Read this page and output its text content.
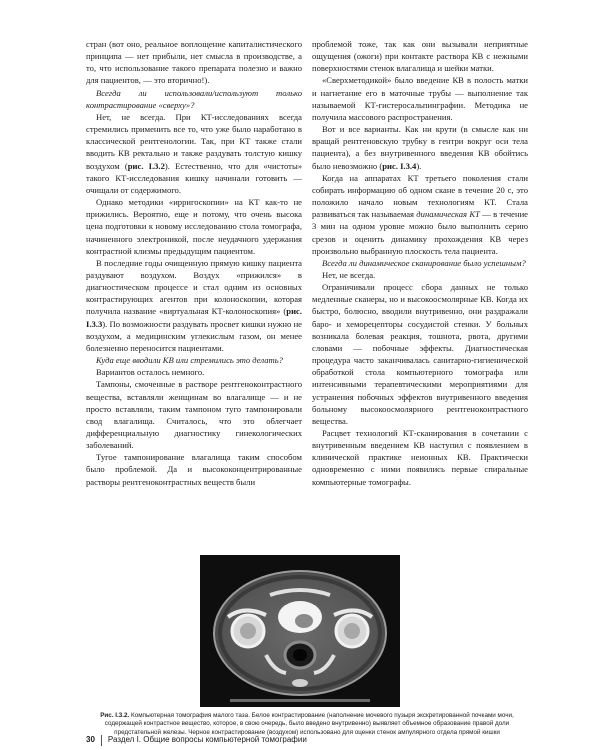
стран (вот оно, реальное воплощение капиталистического принципа — нет прибыли, нет смысла в производстве, а то, что использование такого препарата полезно и важно для пациентов, — это вторично!).

Всегда ли использовали/используют только контрастирование «сверху»?

Нет, не всегда. При КТ-исследованиях всегда стремились применить все то, что уже было наработано в классической рентгенологии. Так, при КТ также стали вводить КВ ректально и также раздувать толстую кишку воздухом (рис. I.3.2). Естественно, что для «чистоты» такого КТ-исследования кишку начинали готовить — очищали от содержимого.

Однако методики «ирригоскопии» на КТ как-то не прижились. Вероятно, еще и потому, что очень высока цена подготовки к новому исследованию стола томографа, начиненного электроникой, после неудачного удержания контрастной клизмы предыдущим пациентом.

В последние годы очищенную прямую кишку пациента раздувают воздухом. Воздух «прижился» в диагностическом процессе и стал одним из основных контрастирующих агентов при колоноскопии, которая получила название «виртуальная КТ-колоноскопия» (рис. I.3.3). По возможности раздувать просвет кишки нужно не воздухом, а медицинским углекислым газом, он менее болезненно переносится пациентами.

Куда еще вводили КВ или стремились это делать?

Вариантов осталось немного.

Тампоны, смоченные в растворе рентгеноконтрастного вещества, вставляли женщинам во влагалище — и не просто вставляли, таким тампоном туго тампонировали свод влагалища. Считалось, что это облегчает дифференциальную диагностику гинекологических заболеваний.

Тугое тампонирование влагалища таким способом было проблемой. Да и высококонцентрированные растворы рентгеноконтрастных веществ были

проблемой тоже, так как они вызывали неприятные ощущения (ожоги) при контакте раствора КВ с нежными поверхностями стенок влагалища и шейки матки.

«Сверхметодикой» было введение КВ в полость матки и нагнетание его в маточные трубы — выполнение так называемой КТ-гистеросальпинграфии. Методика не получила массового распространения.

Вот и все варианты. Как ни крути (в смысле как ни вращай рентгеновскую трубку в гентри вокруг оси тела пациента), а без внутривенного введения КВ обойтись было невозможно (рис. I.3.4).

Когда на аппаратах КТ третьего поколения стали собирать информацию об одном скане в течение 20 с, это положило начало новым технологиям КТ. Стала развиваться так называемая динамическая КТ — в течение 3 мин на одном уровне можно было выполнить серию срезов и оценить динамику прохождения КВ через произвольно выбранную плоскость тела пациента.

Всегда ли динамическое сканирование было успешным?

Нет, не всегда.

Ограничивали процесс сбора данных не только медленные сканеры, но и высокоосмолярные КВ. Когда их быстро, болюсно, вводили внутривенно, они раздражали баро- и хеморецепторы сосудистой стенки. У больных возникала болевая реакция, тошнота, рвота, другими словами — побочные эффекты. Диагностическая процедура часто заканчивалась санитарно-гигиенической обработкой стола компьютерного томографа или интенсивными терапевтическими мероприятиями для устранения побочных эффектов внутривенного введения больному высокоосмолярного рентгеноконтрастного вещества.

Расцвет технологий КТ-сканирования в сочетании с внутривенным введением КВ наступил с появлением в клинической практике неионных КВ. Практически одновременно с ними появились первые спиральные компьютерные томографы.

Рис. I.3.2. Компьютерная томография малого таза. Белое контрастирование (наполнение мочевого пузыря экскретированной почками мочи, содержащей контрастное вещество, которое, в свою очередь, было введено внутривенно) выявляет объемное образование правой доли предстательной железы. Черное контрастирование (воздухом) использовано для оценки стенок ампулярного отдела прямой кишки
30 Раздел I. Общие вопросы компьютерной томографии
